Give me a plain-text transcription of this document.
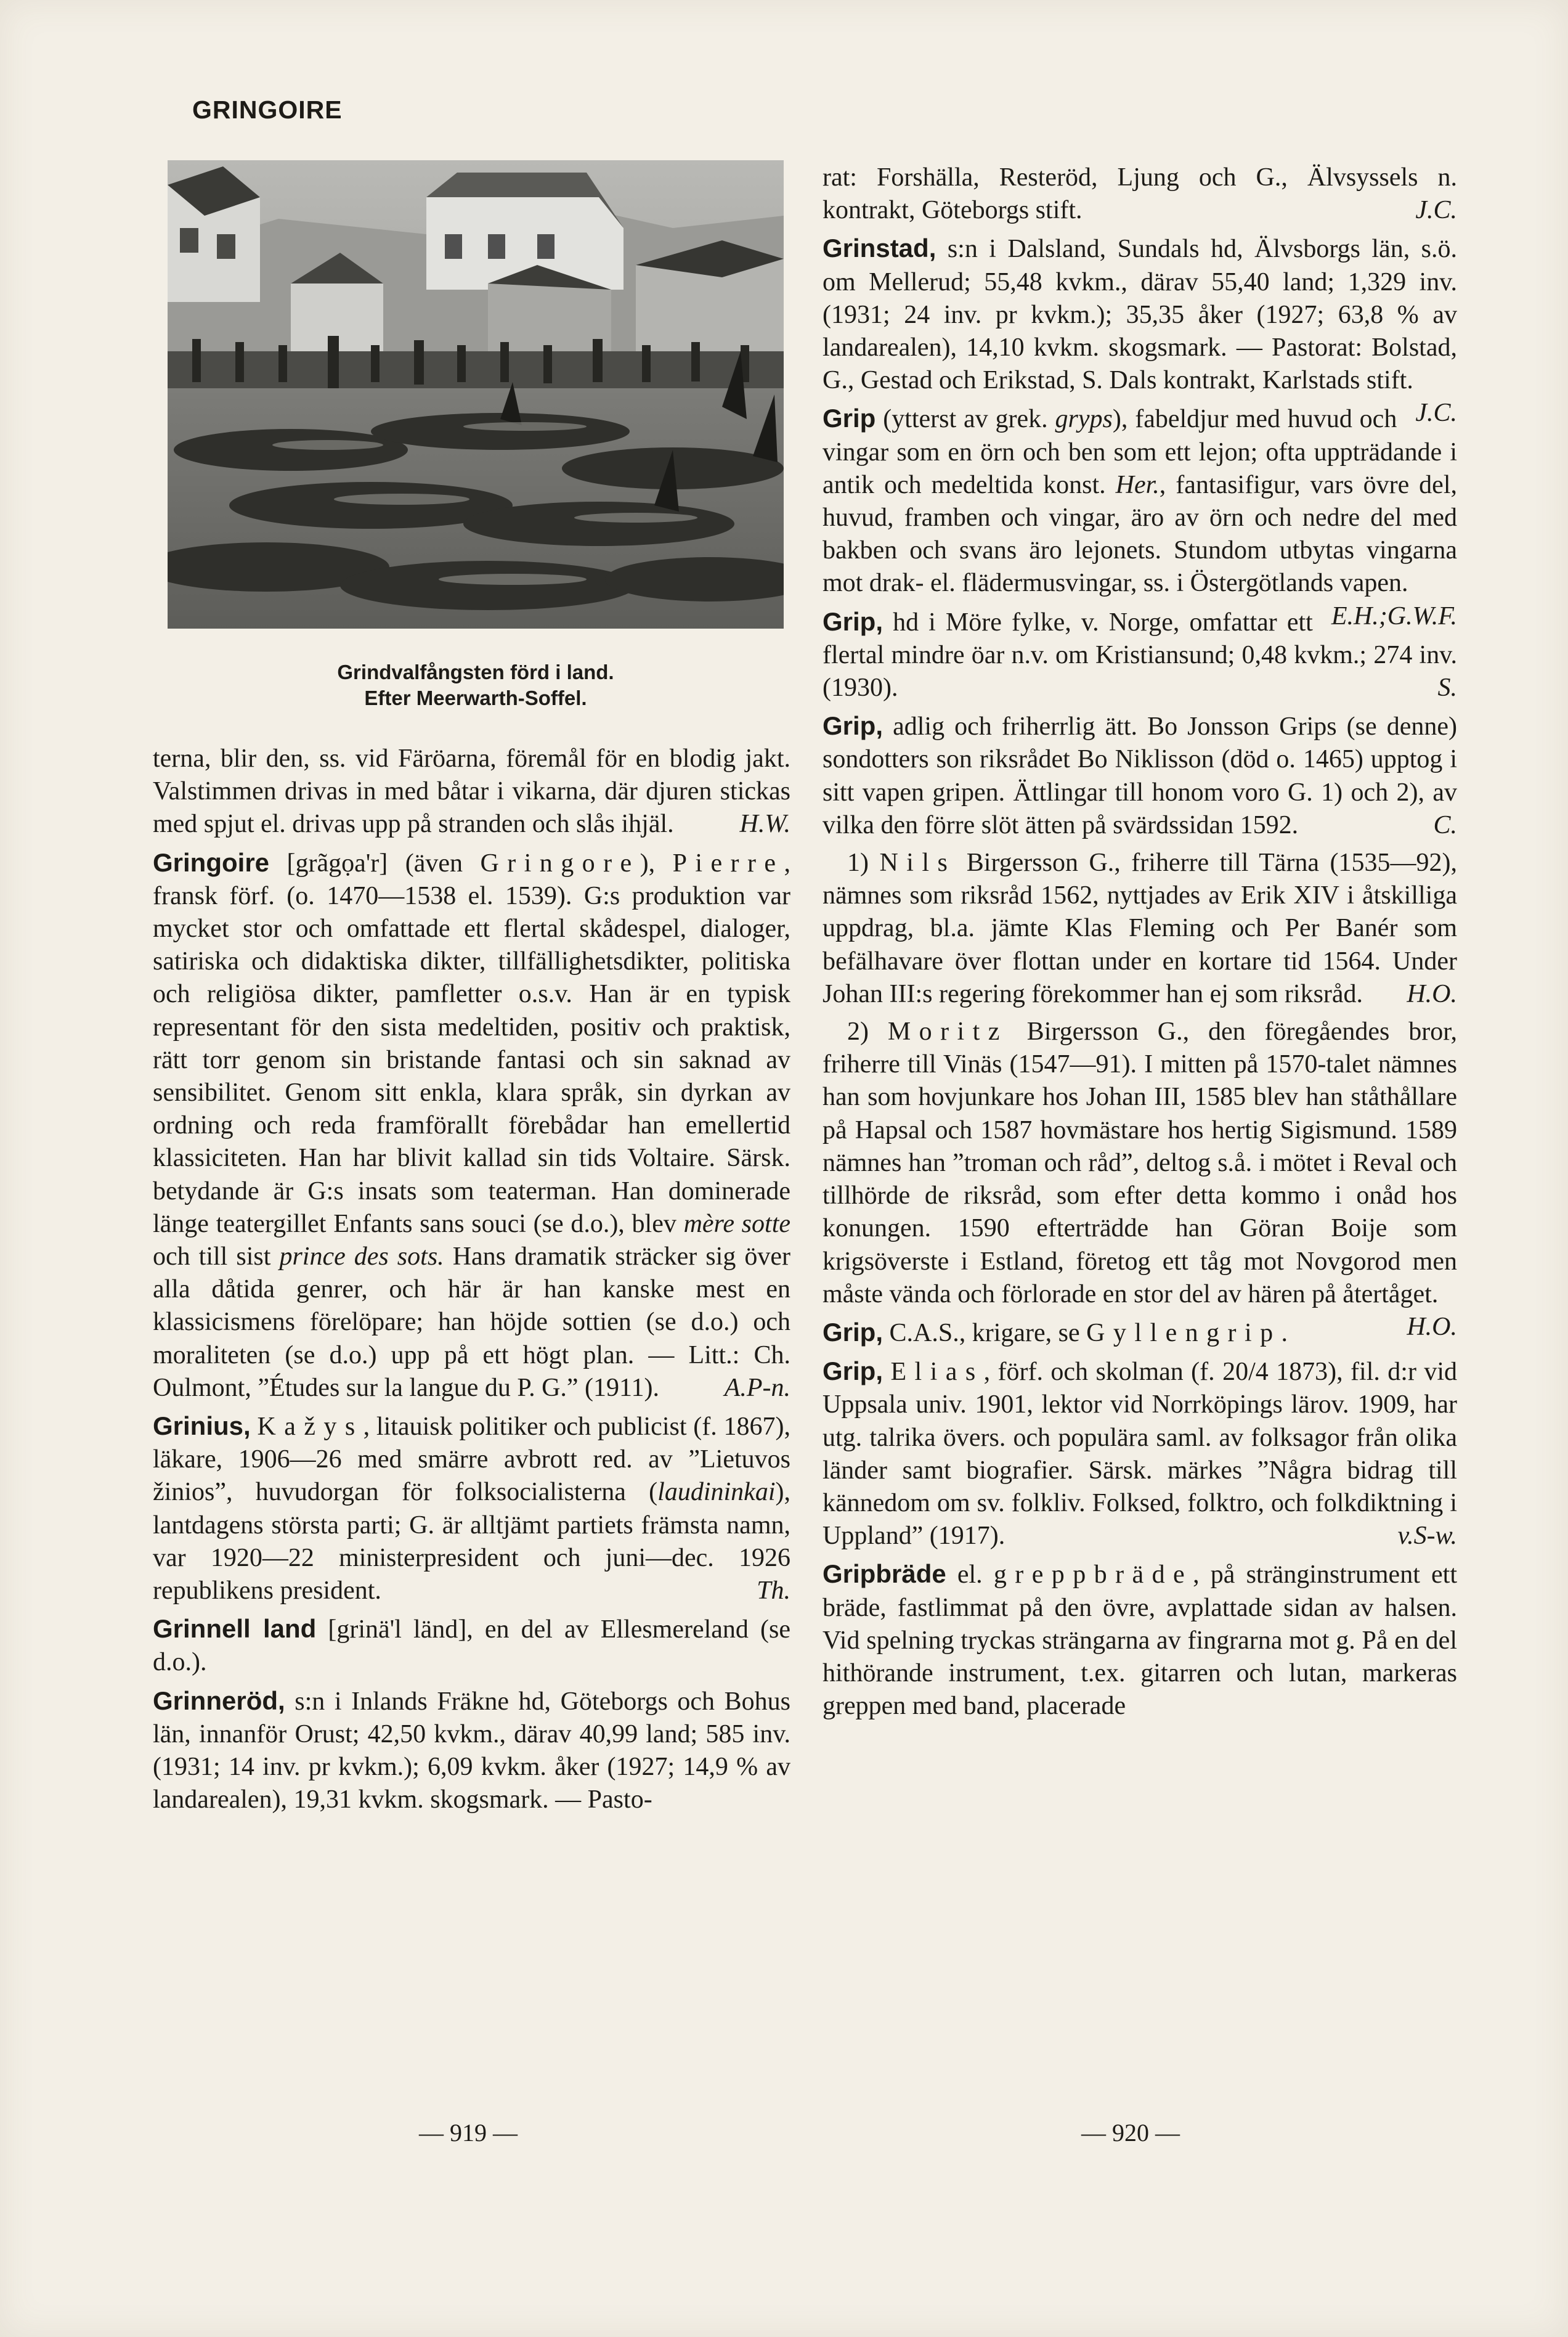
GRINGOIRE
Grindvalfångsten förd i land.
Efter Meerwarth-Soffel.

terna, blir den, ss. vid Färöarna, föremål för en blodig jakt. Valstimmen drivas in med båtar i vikarna, där djuren stickas med spjut el. drivas upp på stranden och slås ihjäl.	H.W.

Gringoire [grãgọa'r] (även Gringore), Pierre, fransk förf. (o. 1470—1538 el. 1539). G:s produktion var mycket stor och omfattade ett flertal skådespel, dialoger, satiriska och didaktiska dikter, tillfällighetsdikter, politiska och religiösa dikter, pamfletter o.s.v. Han är en typisk representant för den sista medeltiden, positiv och praktisk, rätt torr genom sin bristande fantasi och sin saknad av sensibilitet. Genom sitt enkla, klara språk, sin dyrkan av ordning och reda framförallt förebådar han emellertid klassiciteten. Han har blivit kallad sin tids Voltaire. Särsk. betydande är G:s insats som teaterman. Han dominerade länge teatergillet Enfants sans souci (se d.o.), blev mère sotte och till sist prince des sots. Hans dramatik sträcker sig över alla dåtida genrer, och här är han kanske mest en klassicismens förelöpare; han höjde sottien (se d.o.) och moraliteten (se d.o.) upp på ett högt plan. — Litt.: Ch. Oulmont, ”Études sur la langue du P. G.” (1911).	A.P-n.

Grinius, Kažys, litauisk politiker och publicist (f. 1867), läkare, 1906—26 med smärre avbrott red. av ”Lietuvos žinios”, huvudorgan för folksocialisterna (laudininkai), lantdagens största parti; G. är alltjämt partiets främsta namn, var 1920—22 ministerpresident och juni—dec. 1926 republikens president.	Th.

Grinnell land [grinä'l länd], en del av Ellesmereland (se d.o.).

Grinneröd, s:n i Inlands Fräkne hd, Göteborgs och Bohus län, innanför Orust; 42,50 kvkm., därav 40,99 land; 585 inv. (1931; 14 inv. pr kvkm.); 6,09 kvkm. åker (1927; 14,9 % av landarealen), 19,31 kvkm. skogsmark. — Pasto-

rat: Forshälla, Resteröd, Ljung och G., Älvsyssels n. kontrakt, Göteborgs stift.	J.C.

Grinstad, s:n i Dalsland, Sundals hd, Älvsborgs län, s.ö. om Mellerud; 55,48 kvkm., därav 55,40 land; 1,329 inv. (1931; 24 inv. pr kvkm.); 35,35 åker (1927; 63,8 % av landarealen), 14,10 kvkm. skogsmark. — Pastorat: Bolstad, G., Gestad och Erikstad, S. Dals kontrakt, Karlstads stift.
J.C.

Grip (ytterst av grek. gryps), fabeldjur med huvud och vingar som en örn och ben som ett lejon; ofta uppträdande i antik och medeltida konst. Her., fantasifigur, vars övre del, huvud, framben och vingar, äro av örn och nedre del med bakben och svans äro lejonets. Stundom utbytas vingarna mot drak- el. flädermusvingar, ss. i Östergötlands vapen.
E.H.;G.W.F.

Grip, hd i Möre fylke, v. Norge, omfattar ett flertal mindre öar n.v. om Kristiansund; 0,48 kvkm.; 274 inv. (1930).	S.

Grip, adlig och friherrlig ätt. Bo Jonsson Grips (se denne) sondotters son riksrådet Bo Niklisson (död o. 1465) upptog i sitt vapen gripen. Ättlingar till honom voro G. 1) och 2), av vilka den förre slöt ätten på svärdssidan 1592.	C.

1) Nils Birgersson G., friherre till Tärna (1535—92), nämnes som riksråd 1562, nyttjades av Erik XIV i åtskilliga uppdrag, bl.a. jämte Klas Fleming och Per Banér som befälhavare över flottan under en kortare tid 1564. Under Johan III:s regering förekommer han ej som riksråd.	H.O.

2) Moritz Birgersson G., den föregåendes bror, friherre till Vinäs (1547—91). I mitten på 1570-talet nämnes han som hovjunkare hos Johan III, 1585 blev han ståthållare på Hapsal och 1587 hovmästare hos hertig Sigismund. 1589 nämnes han ”troman och råd”, deltog s.å. i mötet i Reval och tillhörde de riksråd, som efter detta kommo i onåd hos konungen. 1590 efterträdde han Göran Boije som krigsöverste i Estland, företog ett tåg mot Novgorod men måste vända och förlorade en stor del av hären på återtåget.
H.O.

Grip, C.A.S., krigare, se Gyllengrip.

Grip, Elias, förf. och skolman (f. 20/4 1873), fil. d:r vid Uppsala univ. 1901, lektor vid Norrköpings lärov. 1909, har utg. talrika övers. och populära saml. av folksagor från olika länder samt biografier. Särsk. märkes ”Några bidrag till kännedom om sv. folkliv. Folksed, folktro, och folkdiktning i Uppland” (1917).	v.S-w.

Gripbräde el. greppbräde, på stränginstrument ett bräde, fastlimmat på den övre, avplattade sidan av halsen. Vid spelning tryckas strängarna av fingrarna mot g. På en del hithörande instrument, t.ex. gitarren och lutan, markeras greppen med band, placerade

— 919 —	— 920 —
